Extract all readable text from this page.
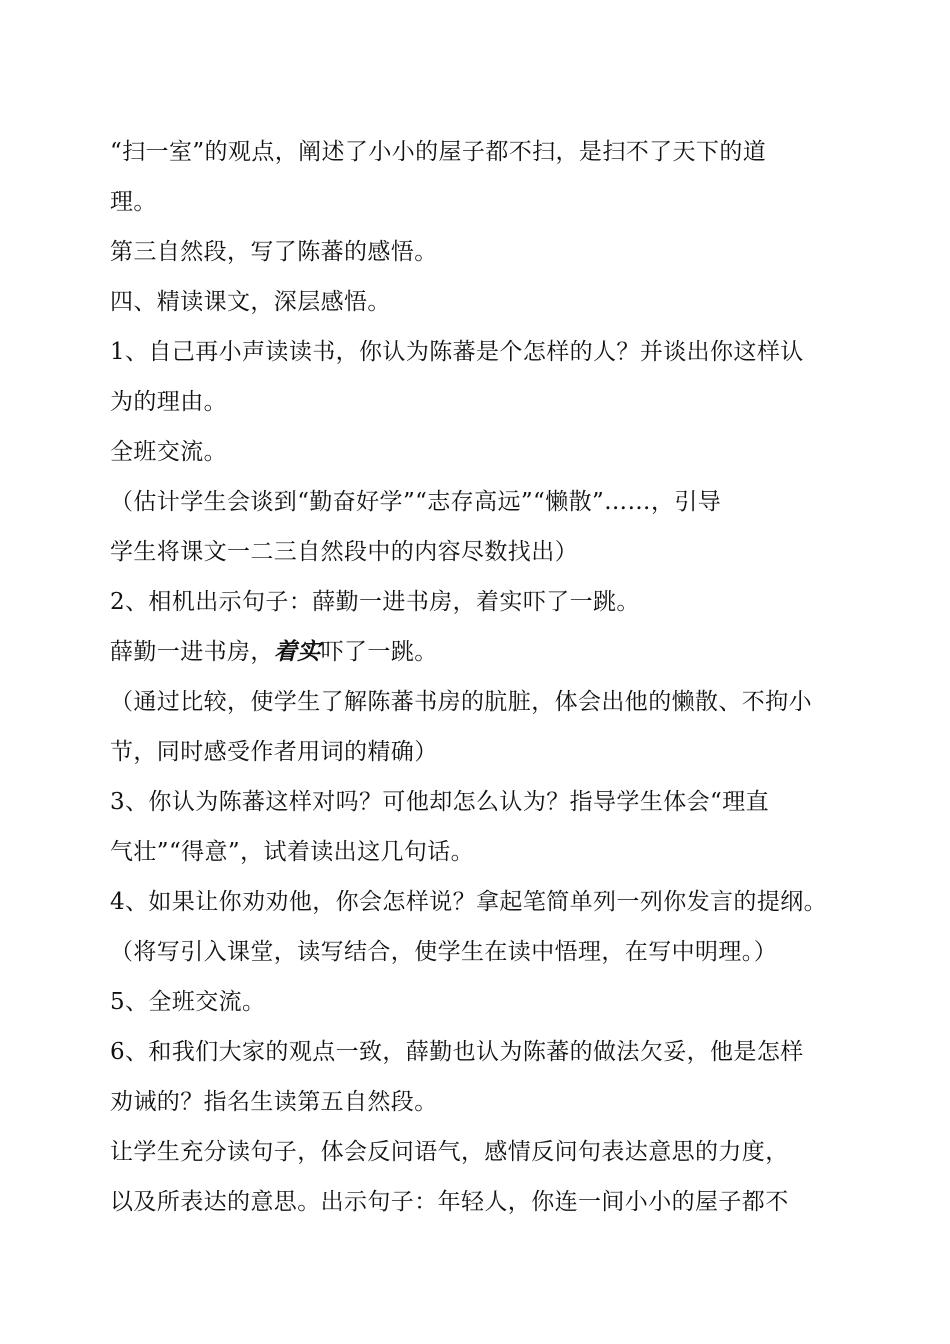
“扫一室”的观点，阐述了小小的屋子都不扫，是扫不了天下的道
理。
第三自然段，写了陈蕃的感悟。
四、精读课文，深层感悟。
1、自己再小声读读书，你认为陈蕃是个怎样的人？并谈出你这样认
为的理由。
全班交流。
（估计学生会谈到“勤奋好学”“志存高远”“懒散”……，引导
学生将课文一二三自然段中的内容尽数找出）
2、相机出示句子：薛勤一进书房，着实吓了一跳。
薛勤一进书房，着实吓了一跳。
（通过比较，使学生了解陈蕃书房的肮脏，体会出他的懒散、不拘小
节，同时感受作者用词的精确）
3、你认为陈蕃这样对吗？可他却怎么认为？指导学生体会“理直
气壮”“得意”，试着读出这几句话。
4、如果让你劝劝他，你会怎样说？拿起笔简单列一列你发言的提纲。
（将写引入课堂，读写结合，使学生在读中悟理，在写中明理。）
5、全班交流。
6、和我们大家的观点一致，薛勤也认为陈蕃的做法欠妥，他是怎样
劝诫的？指名生读第五自然段。
让学生充分读句子，体会反问语气，感情反问句表达意思的力度，
以及所表达的意思。出示句子：年轻人，你连一间小小的屋子都不
